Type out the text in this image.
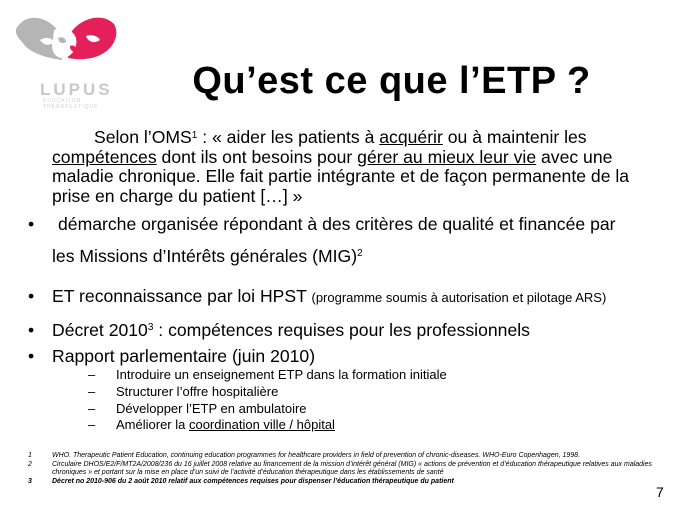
LUPUS
EDUCATION THÉRAPEUTIQUE
Qu’est ce que l’ETP ?
Selon l’OMS$^1$ : « aider les patients à acquérir ou à maintenir les compétences dont ils ont besoins pour gérer au mieux leur vie avec une maladie chronique. Elle fait partie intégrante et de façon permanente de la prise en charge du patient […] »
• démarche organisée répondant à des critères de qualité et financée par
les Missions d’Intérêts générales (MIG)$^2$
• ET reconnaissance par loi HPST (programme soumis à autorisation et pilotage ARS)
• Décret 2010$^3$ : compétences requises pour les professionnels
• Rapport parlementaire (juin 2010)
– Introduire un enseignement ETP dans la formation initiale
– Structurer l’offre hospitalière
– Développer l’ETP en ambulatoire
– Améliorer la coordination ville / hôpital
1	WHO. Therapeutic Patient Education, continuing education programmes for healthcare providers in field of prevention of chronic-diseases. WHO-Euro Copenhagen, 1998.
2	Circulaire DHOS/E2/F/MT2A/2008/236 du 16 juillet 2008 relative au financement de la mission d’intérêt général (MIG) « actions de prévention et d’éducation thérapeutique relatives aux maladies chroniques » et portant sur la mise en place d’un suivi de l’activité d’éducation thérapeutique dans les établissements de santé
3	Décret no 2010-906 du 2 août 2010 relatif aux compétences requises pour dispenser l’éducation thérapeutique du patient
7
